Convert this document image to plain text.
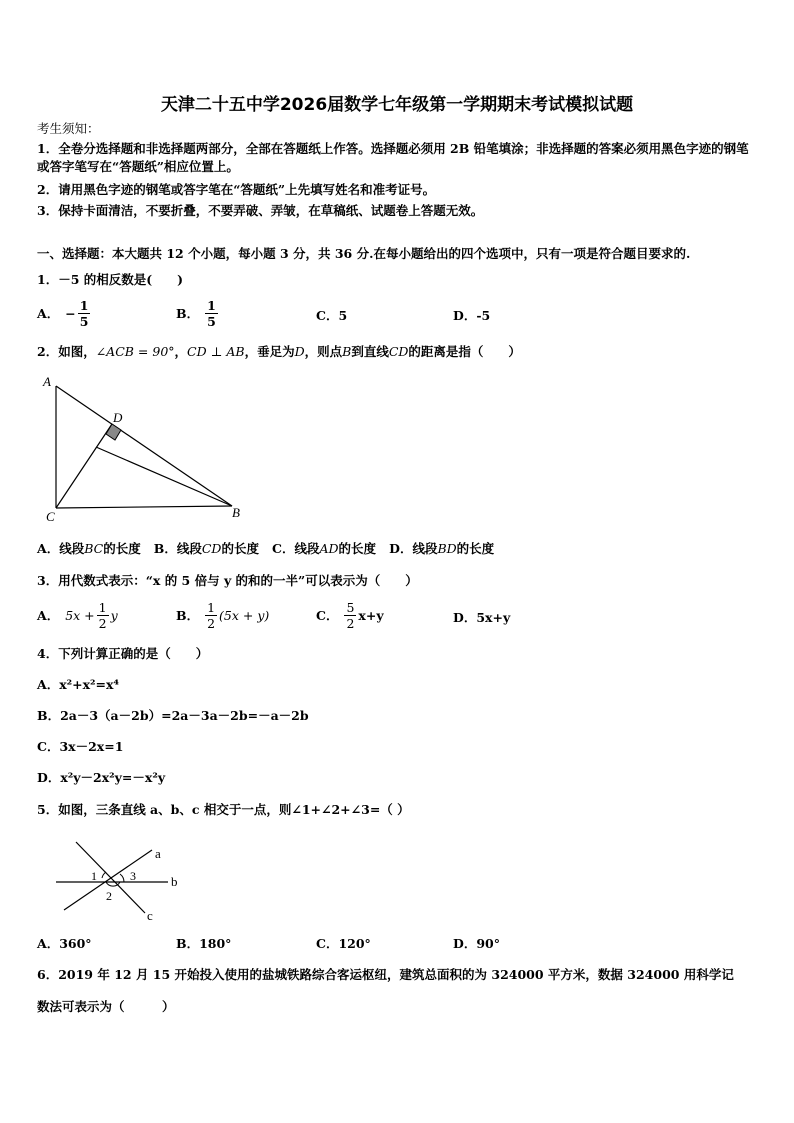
天津二十五中学2026届数学七年级第一学期期末考试模拟试题
考生须知：
1．全卷分选择题和非选择题两部分，全部在答题纸上作答。选择题必须用 2B 铅笔填涂；非选择题的答案必须用黑色字迹的钢笔或答字笔写在“答题纸”相应位置上。
2．请用黑色字迹的钢笔或答字笔在“答题纸”上先填写姓名和准考证号。
3．保持卡面清洁，不要折叠，不要弄破、弄皱，在草稿纸、试题卷上答题无效。
一、选择题：本大题共 12 个小题，每小题 3 分，共 36 分.在每小题给出的四个选项中，只有一项是符合题目要求的.
1．－5 的相反数是(　　)
A． − $\frac{1}{5}$	B． $\frac{1}{5}$	C．5	D．-5
2．如图，∠ACB = 90°，CD ⊥ AB，垂足为D，则点B到直线CD的距离是指（　　）
A
D
C	B
A．线段BC的长度 B．线段CD的长度 C．线段AD的长度 D．线段BD的长度
3．用代数式表示：“x 的 5 倍与 y 的和的一半”可以表示为（　　）
A． $5x + \frac{1}{2}$ y	B． $\frac{1}{2} (5x + y)$	C． $\frac{5}{2} x+y$	D．5x+y
4．下列计算正确的是（　　）
A．x²+x²=x⁴
B．2a－3（a－2b）=2a－3a－2b=－a－2b
C．3x－2x=1
D．x²y－2x²y=－x²y
5．如图，三条直线 a、b、c 相交于一点，则∠1+∠2+∠3=（ ）
a
b
c
1
2
3
A．360°	B．180°	C．120°	D．90°
6．2019 年 12 月 15 开始投入使用的盐城铁路综合客运枢纽，建筑总面积的为 324000 平方米，数据 324000 用科学记
数法可表示为（　　　）
